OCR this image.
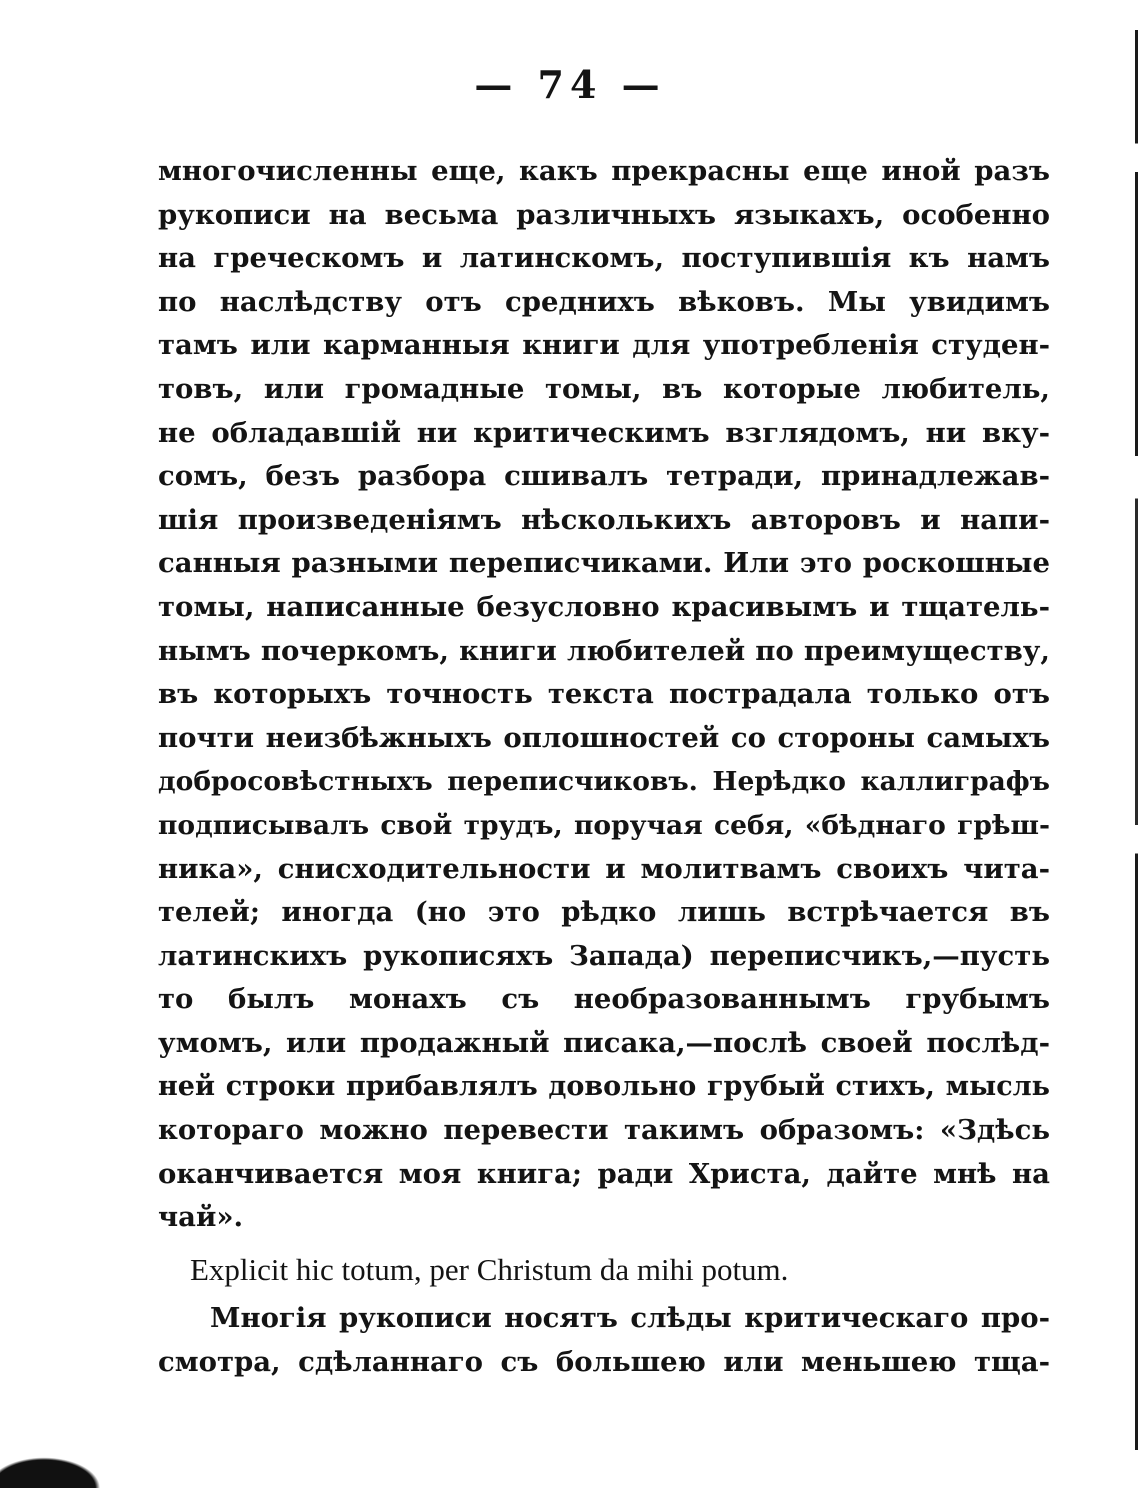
— 74 —
многочисленны еще, какъ прекрасны еще иной разъ
рукописи на весьма различныхъ языкахъ, особенно
на греческомъ и латинскомъ, поступившія къ намъ
по наслѣдству отъ среднихъ вѣковъ. Мы увидимъ
тамъ или карманныя книги для употребленія студен-
товъ, или громадные томы, въ которые любитель,
не обладавшій ни критическимъ взглядомъ, ни вку-
сомъ, безъ разбора сшивалъ тетради, принадлежав-
шія произведеніямъ нѣсколькихъ авторовъ и напи-
санныя разными переписчиками. Или это роскошные
томы, написанные безусловно красивымъ и тщатель-
нымъ почеркомъ, книги любителей по преимуществу,
въ которыхъ точность текста пострадала только отъ
почти неизбѣжныхъ оплошностей со стороны самыхъ
добросовѣстныхъ переписчиковъ. Нерѣдко каллиграфъ
подписывалъ свой трудъ, поручая себя, «бѣднаго грѣш-
ника», снисходительности и молитвамъ своихъ чита-
телей; иногда (но это рѣдко лишь встрѣчается въ
латинскихъ рукописяхъ Запада) переписчикъ,—пусть
то былъ монахъ съ необразованнымъ грубымъ
умомъ, или продажный писака,—послѣ своей послѣд-
ней строки прибавлялъ довольно грубый стихъ, мысль
котораго можно перевести такимъ образомъ: «Здѣсь
оканчивается моя книга; ради Христа, дайте мнѣ на
чай».
Explicit hic totum, per Christum da mihi potum.
Многія рукописи носятъ слѣды критическаго про-
смотра, сдѣланнаго съ большею или меньшею тща-
